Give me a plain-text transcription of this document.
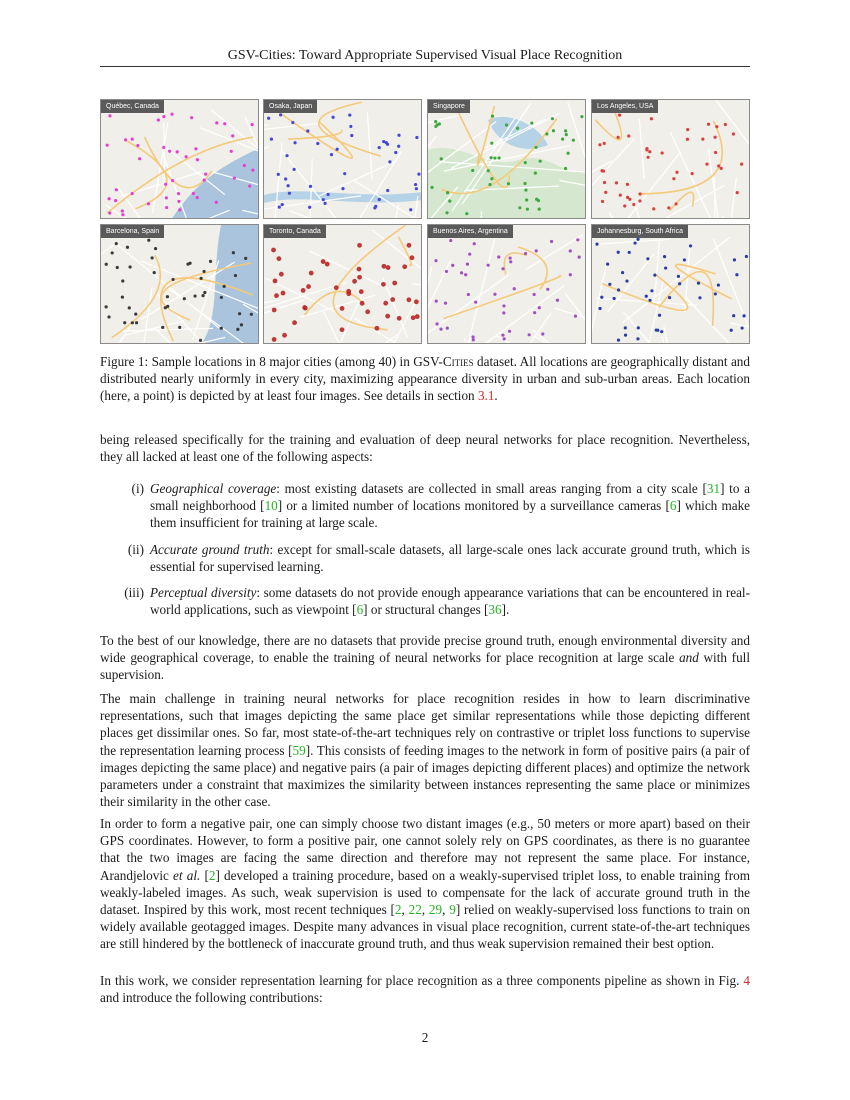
GSV-Cities: Toward Appropriate Supervised Visual Place Recognition
Québec, Canada	Osaka, Japan	Singapore	Los Angeles, USA
Barcelona, Spain	Toronto, Canada	Buenos Aires, Argentina	Johannesburg, South Africa
Figure 1: Sample locations in 8 major cities (among 40) in GSV-Cities dataset. All locations are geographically distant and distributed nearly uniformly in every city, maximizing appearance diversity in urban and sub-urban areas. Each location (here, a point) is depicted by at least four images. See details in section 3.1.
being released specifically for the training and evaluation of deep neural networks for place recognition. Nevertheless, they all lacked at least one of the following aspects:
(i) Geographical coverage: most existing datasets are collected in small areas ranging from a city scale [31] to a small neighborhood [10] or a limited number of locations monitored by a surveillance cameras [6] which make them insufficient for training at large scale.
(ii) Accurate ground truth: except for small-scale datasets, all large-scale ones lack accurate ground truth, which is essential for supervised learning.
(iii) Perceptual diversity: some datasets do not provide enough appearance variations that can be encountered in real-world applications, such as viewpoint [6] or structural changes [36].
To the best of our knowledge, there are no datasets that provide precise ground truth, enough environmental diversity and wide geographical coverage, to enable the training of neural networks for place recognition at large scale and with full supervision.
The main challenge in training neural networks for place recognition resides in how to learn discriminative representations, such that images depicting the same place get similar representations while those depicting different places get dissimilar ones. So far, most state-of-the-art techniques rely on contrastive or triplet loss functions to supervise the representation learning process [59]. This consists of feeding images to the network in form of positive pairs (a pair of images depicting the same place) and negative pairs (a pair of images depicting different places) and optimize the network parameters under a constraint that maximizes the similarity between instances representing the same place or minimizes their similarity in the other case.
In order to form a negative pair, one can simply choose two distant images (e.g., 50 meters or more apart) based on their GPS coordinates. However, to form a positive pair, one cannot solely rely on GPS coordinates, as there is no guarantee that the two images are facing the same direction and therefore may not represent the same place. For instance, Arandjelovic et al. [2] developed a training procedure, based on a weakly-supervised triplet loss, to enable training from weakly-labeled images. As such, weak supervision is used to compensate for the lack of accurate ground truth in the dataset. Inspired by this work, most recent techniques [2, 22, 29, 9] relied on weakly-supervised loss functions to train on widely available geotagged images. Despite many advances in visual place recognition, current state-of-the-art techniques are still hindered by the bottleneck of inaccurate ground truth, and thus weak supervision remained their best option.
In this work, we consider representation learning for place recognition as a three components pipeline as shown in Fig. 4 and introduce the following contributions:
2
